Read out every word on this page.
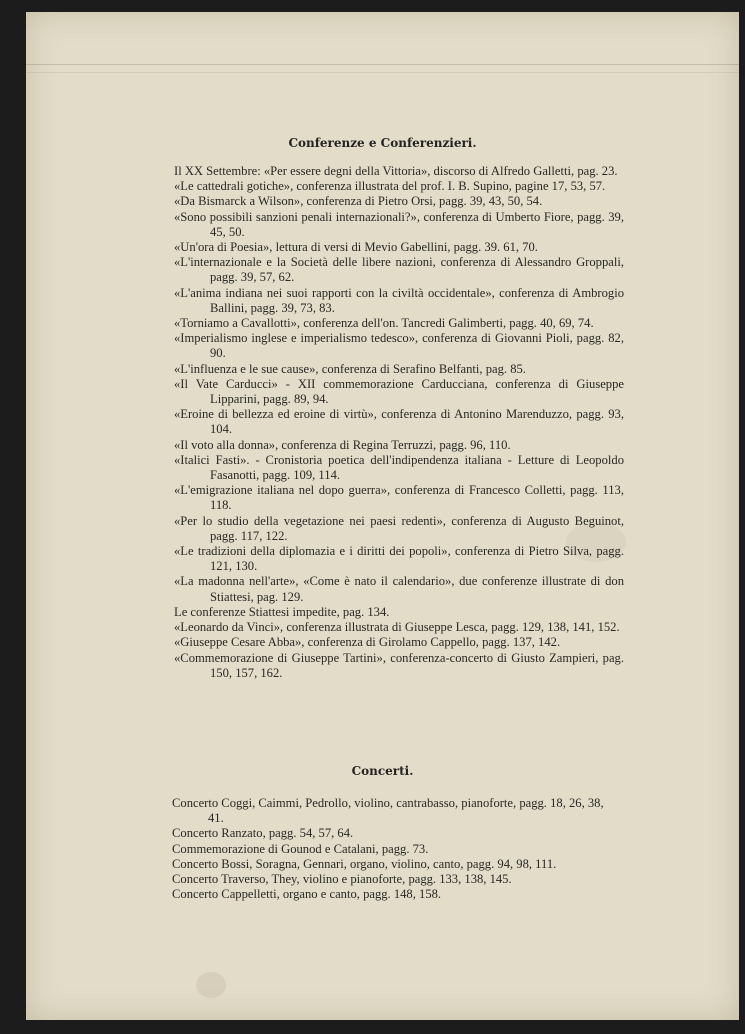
Conferenze e Conferenzieri.
Il XX Settembre: «Per essere degni della Vittoria», discorso di Alfredo Galletti, pag. 23.
«Le cattedrali gotiche», conferenza illustrata del prof. I. B. Supino, pagine 17, 53, 57.
«Da Bismarck a Wilson», conferenza di Pietro Orsi, pagg. 39, 43, 50, 54.
«Sono possibili sanzioni penali internazionali?», conferenza di Umberto Fiore, pagg. 39, 45, 50.
«Un'ora di Poesia», lettura di versi di Mevio Gabellini, pagg. 39. 61, 70.
«L'internazionale e la Società delle libere nazioni, conferenza di Alessandro Groppali, pagg. 39, 57, 62.
«L'anima indiana nei suoi rapporti con la civiltà occidentale», conferenza di Ambrogio Ballini, pagg. 39, 73, 83.
«Torniamo a Cavallotti», conferenza dell'on. Tancredi Galimberti, pagg. 40, 69, 74.
«Imperialismo inglese e imperialismo tedesco», conferenza di Giovanni Pioli, pagg. 82, 90.
«L'influenza e le sue cause», conferenza di Serafino Belfanti, pag. 85.
«Il Vate Carducci» - XII commemorazione Carducciana, conferenza di Giuseppe Lipparini, pagg. 89, 94.
«Eroine di bellezza ed eroine di virtù», conferenza di Antonino Marenduzzo, pagg. 93, 104.
«Il voto alla donna», conferenza di Regina Terruzzi, pagg. 96, 110.
«Italici Fasti». - Cronistoria poetica dell'indipendenza italiana - Letture di Leopoldo Fasanotti, pagg. 109, 114.
«L'emigrazione italiana nel dopo guerra», conferenza di Francesco Colletti, pagg. 113, 118.
«Per lo studio della vegetazione nei paesi redenti», conferenza di Augusto Beguinot, pagg. 117, 122.
«Le tradizioni della diplomazia e i diritti dei popoli», conferenza di Pietro Silva, pagg. 121, 130.
«La madonna nell'arte», «Come è nato il calendario», due conferenze illustrate di don Stiattesi, pag. 129.
Le conferenze Stiattesi impedite, pag. 134.
«Leonardo da Vinci», conferenza illustrata di Giuseppe Lesca, pagg. 129, 138, 141, 152.
«Giuseppe Cesare Abba», conferenza di Girolamo Cappello, pagg. 137, 142.
«Commemorazione di Giuseppe Tartini», conferenza-concerto di Giusto Zampieri, pag. 150, 157, 162.
Concerti.
Concerto Coggi, Caimmi, Pedrollo, violino, cantrabasso, pianoforte, pagg. 18, 26, 38, 41.
Concerto Ranzato, pagg. 54, 57, 64.
Commemorazione di Gounod e Catalani, pagg. 73.
Concerto Bossi, Soragna, Gennari, organo, violino, canto, pagg. 94, 98, 111.
Concerto Traverso, They, violino e pianoforte, pagg. 133, 138, 145.
Concerto Cappelletti, organo e canto, pagg. 148, 158.
